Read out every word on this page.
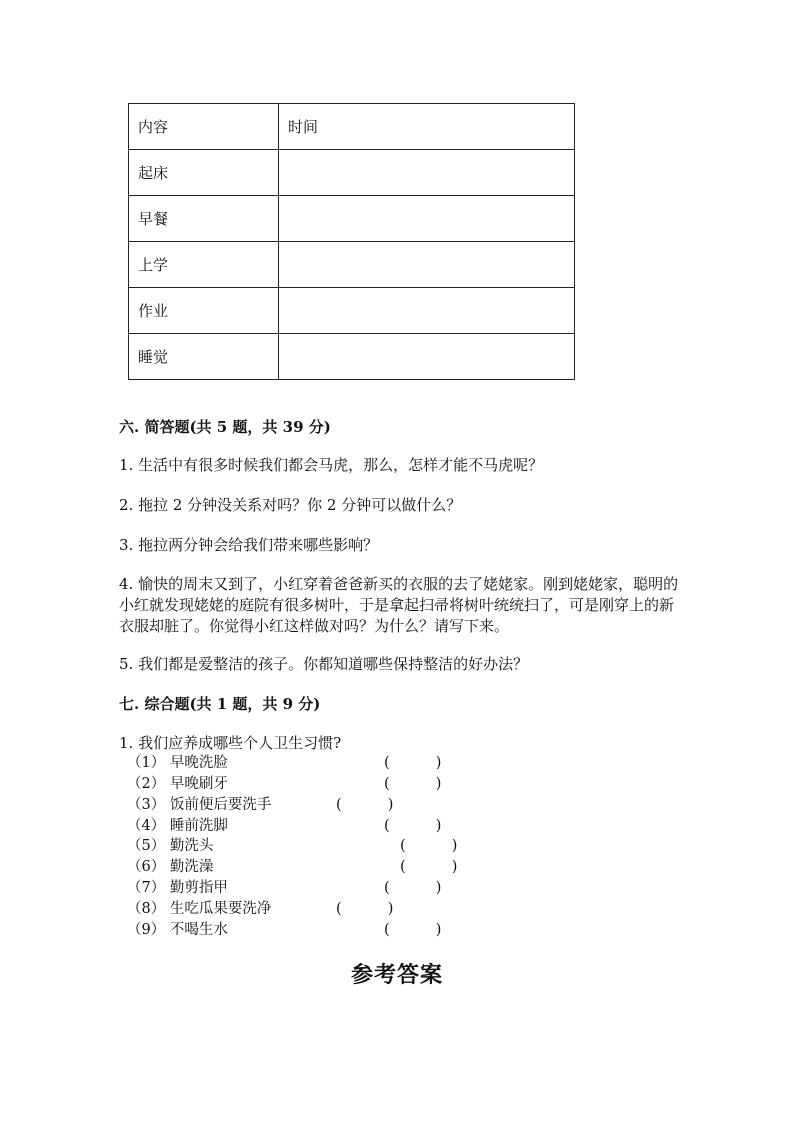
内容	时间
起床	
早餐	
上学	
作业	
睡觉	
六. 简答题(共 5 题，共 39 分)
1. 生活中有很多时候我们都会马虎，那么，怎样才能不马虎呢？
2. 拖拉 2 分钟没关系对吗？你 2 分钟可以做什么？
3. 拖拉两分钟会给我们带来哪些影响？
4. 愉快的周末又到了，小红穿着爸爸新买的衣服的去了姥姥家。刚到姥姥家，聪明的小红就发现姥姥的庭院有很多树叶，于是拿起扫帚将树叶统统扫了，可是刚穿上的新衣服却脏了。你觉得小红这样做对吗？为什么？请写下来。
5. 我们都是爱整洁的孩子。你都知道哪些保持整洁的好办法？
七. 综合题(共 1 题，共 9 分)
1. 我们应养成哪些个人卫生习惯?
（1） 早晚洗脸	(          )
（2） 早晚刷牙	(          )
（3） 饭前便后要洗手	(          )
（4） 睡前洗脚	(          )
（5） 勤洗头	(          )
（6） 勤洗澡	(          )
（7） 勤剪指甲	(          )
（8） 生吃瓜果要洗净	(          )
（9） 不喝生水	(          )
参考答案
